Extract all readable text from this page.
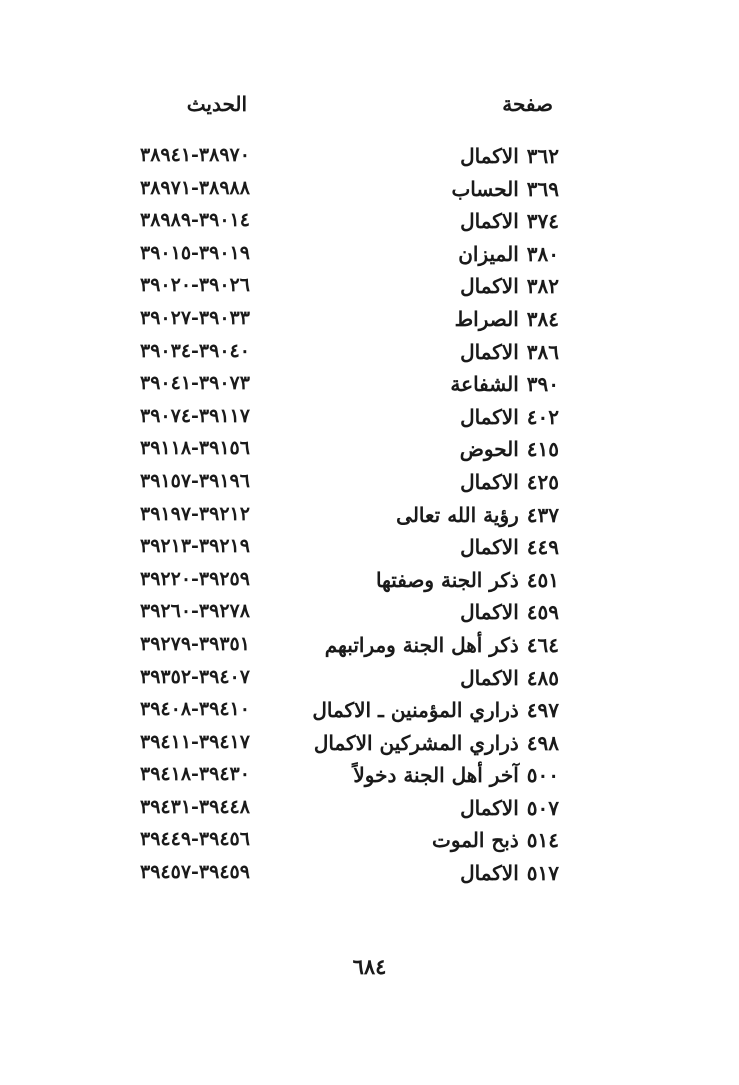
صفحة
الحديث
٣٦٢
الاكمال
٣٨٩٧٠-٣٨٩٤١
٣٦٩
الحساب
٣٨٩٨٨-٣٨٩٧١
٣٧٤
الاكمال
٣٩٠١٤-٣٨٩٨٩
٣٨٠
الميزان
٣٩٠١٩-٣٩٠١٥
٣٨٢
الاكمال
٣٩٠٢٦-٣٩٠٢٠
٣٨٤
الصراط
٣٩٠٣٣-٣٩٠٢٧
٣٨٦
الاكمال
٣٩٠٤٠-٣٩٠٣٤
٣٩٠
الشفاعة
٣٩٠٧٣-٣٩٠٤١
٤٠٢
الاكمال
٣٩١١٧-٣٩٠٧٤
٤١٥
الحوض
٣٩١٥٦-٣٩١١٨
٤٢٥
الاكمال
٣٩١٩٦-٣٩١٥٧
٤٣٧
رؤية الله تعالى
٣٩٢١٢-٣٩١٩٧
٤٤٩
الاكمال
٣٩٢١٩-٣٩٢١٣
٤٥١
ذكر الجنة وصفتها
٣٩٢٥٩-٣٩٢٢٠
٤٥٩
الاكمال
٣٩٢٧٨-٣٩٢٦٠
٤٦٤
ذكر أهل الجنة ومراتبهم
٣٩٣٥١-٣٩٢٧٩
٤٨٥
الاكمال
٣٩٤٠٧-٣٩٣٥٢
٤٩٧
ذراري المؤمنين ـ الاكمال
٣٩٤١٠-٣٩٤٠٨
٤٩٨
ذراري المشركين الاكمال
٣٩٤١٧-٣٩٤١١
٥٠٠
آخر أهل الجنة دخولاً
٣٩٤٣٠-٣٩٤١٨
٥٠٧
الاكمال
٣٩٤٤٨-٣٩٤٣١
٥١٤
ذبح الموت
٣٩٤٥٦-٣٩٤٤٩
٥١٧
الاكمال
٣٩٤٥٩-٣٩٤٥٧
٦٨٤
